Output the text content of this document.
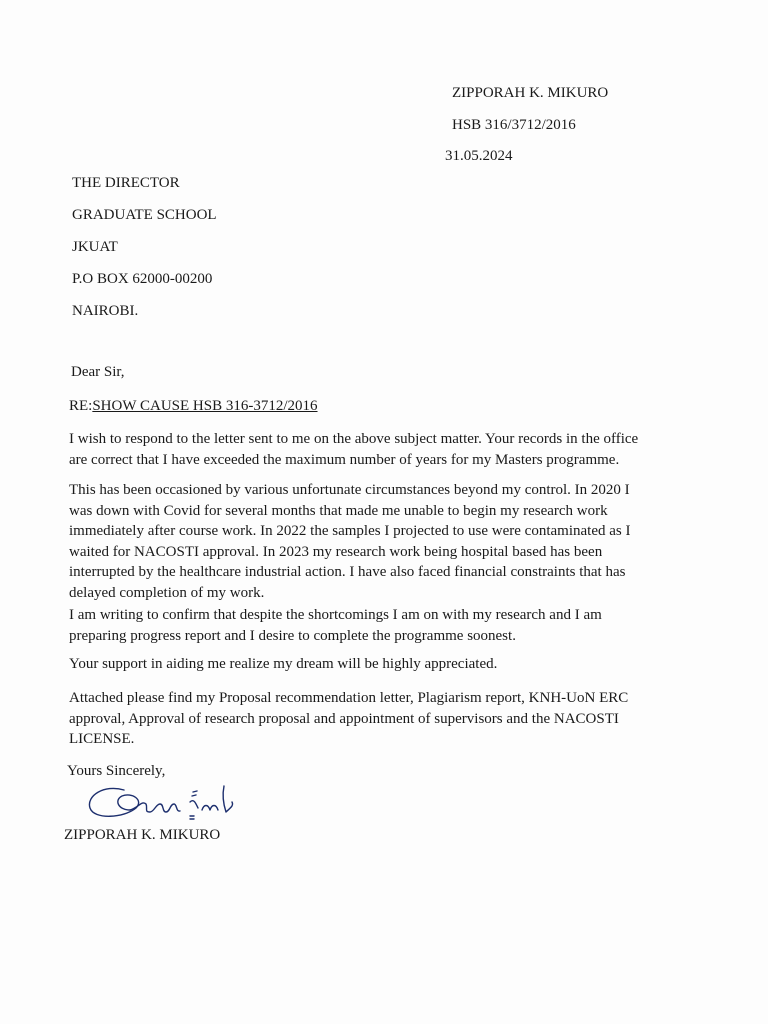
ZIPPORAH K. MIKURO
HSB 316/3712/2016
31.05.2024
THE DIRECTOR
GRADUATE SCHOOL
JKUAT
P.O BOX 62000-00200
NAIROBI.
Dear Sir,
RE:SHOW CAUSE HSB 316-3712/2016
I wish to respond to the letter sent to me on the above subject matter. Your records in the office
are correct that I have exceeded the maximum number of years for my Masters programme.
This has been occasioned by various unfortunate circumstances beyond my control. In 2020 I
was down with Covid for several months that made me unable to begin my research work
immediately after course work. In 2022 the samples I projected to use were contaminated as I
waited for NACOSTI approval. In 2023 my research work being hospital based has been
interrupted by the healthcare industrial action. I have also faced financial constraints that has
delayed completion of my work.
I am writing to confirm that despite the shortcomings I am on with my research and I am
preparing progress report and I desire to complete the programme soonest.
Your support in aiding me realize my dream will be highly appreciated.
Attached please find my Proposal recommendation letter, Plagiarism report, KNH-UoN ERC
approval, Approval of research proposal and appointment of supervisors and the NACOSTI
LICENSE.
Yours Sincerely,
ZIPPORAH K. MIKURO
